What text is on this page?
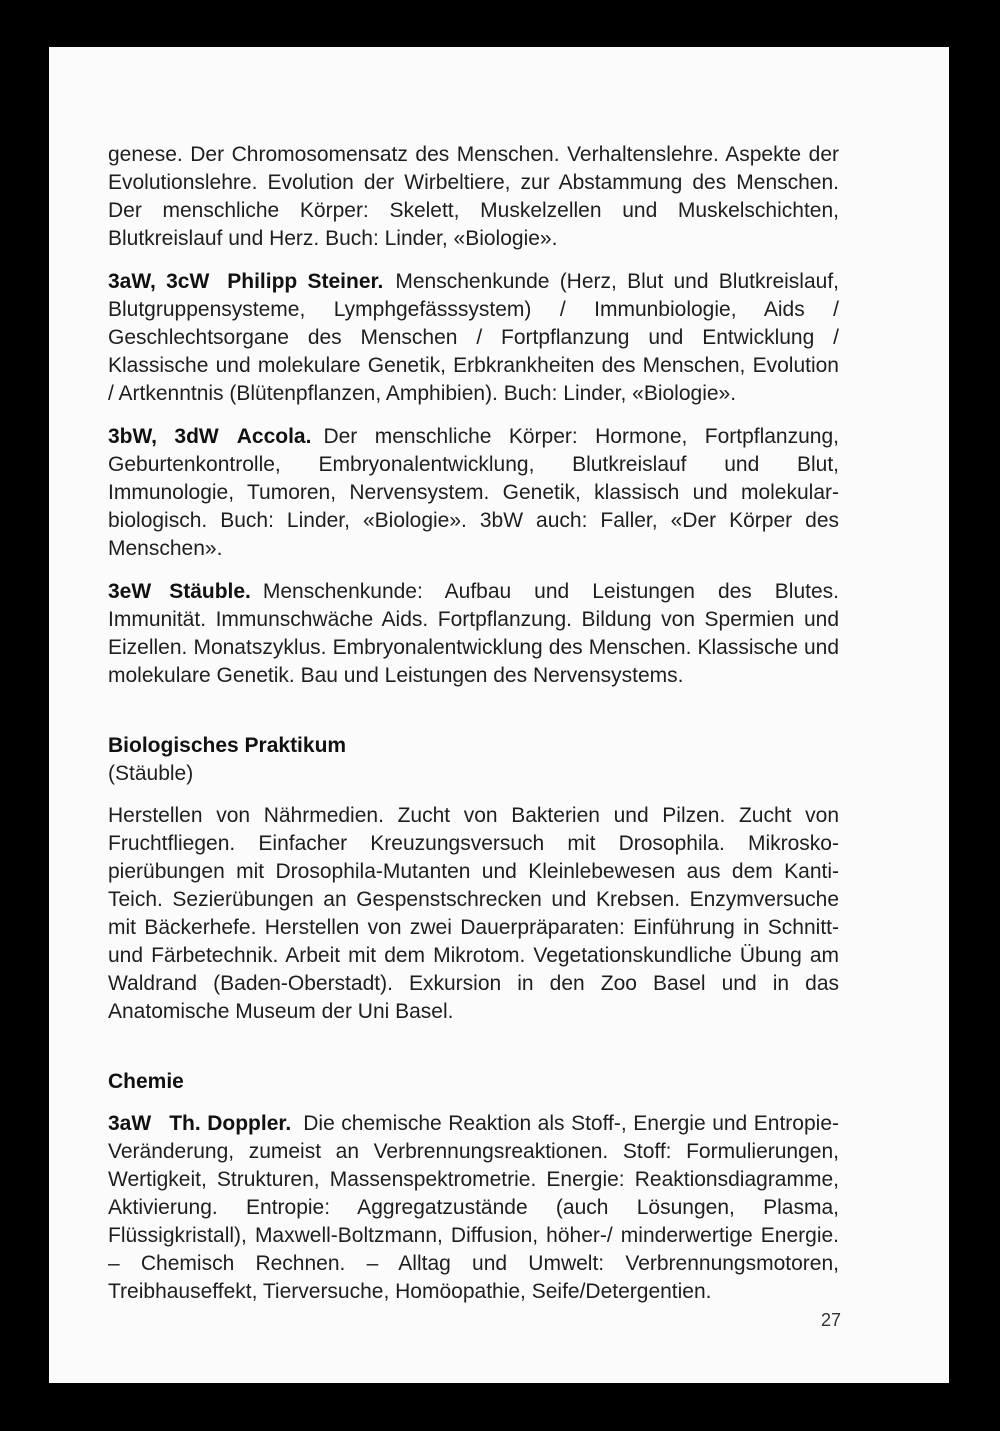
genese. Der Chromosomensatz des Menschen. Verhaltenslehre. Aspekte der Evolutionslehre. Evolution der Wirbeltiere, zur Abstammung des Menschen. Der menschliche Körper: Skelett, Muskelzellen und Muskelschichten, Blutkreislauf und Herz. Buch: Linder, «Biologie».

3aW, 3cW Philipp Steiner. Menschenkunde (Herz, Blut und Blutkreislauf, Blutgruppensysteme, Lymphgefässsystem) / Immunbiologie, Aids / Geschlechtsorgane des Menschen / Fortpflanzung und Entwicklung / Klassische und molekulare Genetik, Erbkrankheiten des Menschen, Evolution / Artkenntnis (Blütenpflanzen, Amphibien). Buch: Linder, «Biologie».

3bW, 3dW Accola. Der menschliche Körper: Hormone, Fortpflanzung, Geburtenkontrolle, Embryonalentwicklung, Blutkreislauf und Blut, Immunologie, Tumoren, Nervensystem. Genetik, klassisch und molekularbiologisch. Buch: Linder, «Biologie». 3bW auch: Faller, «Der Körper des Menschen».

3eW Stäuble. Menschenkunde: Aufbau und Leistungen des Blutes. Immunität. Immunschwäche Aids. Fortpflanzung. Bildung von Spermien und Eizellen. Monatszyklus. Embryonalentwicklung des Menschen. Klassische und molekulare Genetik. Bau und Leistungen des Nervensystems.

Biologisches Praktikum
(Stäuble)

Herstellen von Nährmedien. Zucht von Bakterien und Pilzen. Zucht von Fruchtfliegen. Einfacher Kreuzungsversuch mit Drosophila. Mikroskopierübungen mit Drosophila-Mutanten und Kleinlebewesen aus dem Kanti-Teich. Sezierübungen an Gespenstschrecken und Krebsen. Enzymversuche mit Bäckerhefe. Herstellen von zwei Dauerpräparaten: Einführung in Schnitt- und Färbetechnik. Arbeit mit dem Mikrotom. Vegetationskundliche Übung am Waldrand (Baden-Oberstadt). Exkursion in den Zoo Basel und in das Anatomische Museum der Uni Basel.

Chemie

3aW Th. Doppler. Die chemische Reaktion als Stoff-, Energie und Entropie-Veränderung, zumeist an Verbrennungsreaktionen. Stoff: Formulierungen, Wertigkeit, Strukturen, Massenspektrometrie. Energie: Reaktionsdiagramme, Aktivierung. Entropie: Aggregatzustände (auch Lösungen, Plasma, Flüssigkristall), Maxwell-Boltzmann, Diffusion, höher-/ minderwertige Energie. – Chemisch Rechnen. – Alltag und Umwelt: Verbrennungsmotoren, Treibhauseffekt, Tierversuche, Homöopathie, Seife/Detergentien.

27
